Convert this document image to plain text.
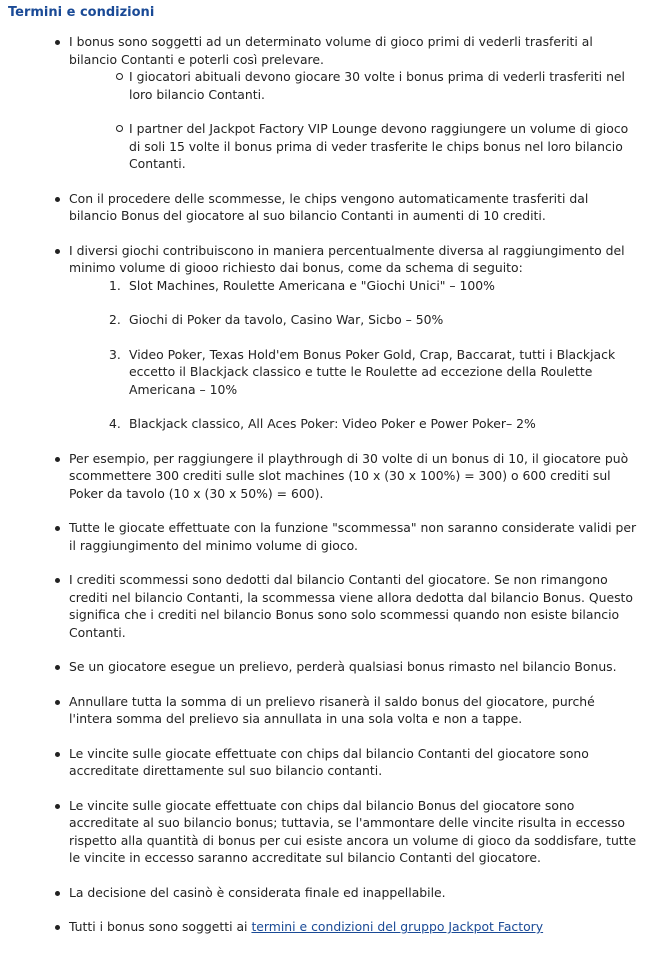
Termini e condizioni
I bonus sono soggetti ad un determinato volume di gioco primi di vederli trasferiti al bilancio Contanti e poterli così prelevare.
I giocatori abituali devono giocare 30 volte i bonus prima di vederli trasferiti nel loro bilancio Contanti.
I partner del Jackpot Factory VIP Lounge devono raggiungere un volume di gioco di soli 15 volte il bonus prima di veder trasferite le chips bonus nel loro bilancio Contanti.
Con il procedere delle scommesse, le chips vengono automaticamente trasferiti dal bilancio Bonus del giocatore al suo bilancio Contanti in aumenti di 10 crediti.
I diversi giochi contribuiscono in maniera percentualmente diversa al raggiungimento del minimo volume di giooo richiesto dai bonus, come da schema di seguito:
1. Slot Machines, Roulette Americana e "Giochi Unici" – 100%
2. Giochi di Poker da tavolo, Casino War, Sicbo – 50%
3. Video Poker, Texas Hold'em Bonus Poker Gold, Crap, Baccarat, tutti i Blackjack eccetto il Blackjack classico e tutte le Roulette ad eccezione della Roulette Americana – 10%
4. Blackjack classico, All Aces Poker: Video Poker e Power Poker– 2%
Per esempio, per raggiungere il playthrough di 30 volte di un bonus di 10, il giocatore può scommettere 300 crediti sulle slot machines (10 x (30 x 100%) = 300) o 600 crediti sul Poker da tavolo (10 x (30 x 50%) = 600).
Tutte le giocate effettuate con la funzione "scommessa" non saranno considerate validi per il raggiungimento del minimo volume di gioco.
I crediti scommessi sono dedotti dal bilancio Contanti del giocatore. Se non rimangono crediti nel bilancio Contanti, la scommessa viene allora dedotta dal bilancio Bonus. Questo significa che i crediti nel bilancio Bonus sono solo scommessi quando non esiste bilancio Contanti.
Se un giocatore esegue un prelievo, perderà qualsiasi bonus rimasto nel bilancio Bonus.
Annullare tutta la somma di un prelievo risanerà il saldo bonus del giocatore, purché l'intera somma del prelievo sia annullata in una sola volta e non a tappe.
Le vincite sulle giocate effettuate con chips dal bilancio Contanti del giocatore sono accreditate direttamente sul suo bilancio contanti.
Le vincite sulle giocate effettuate con chips dal bilancio Bonus del giocatore sono accreditate al suo bilancio bonus; tuttavia, se l'ammontare delle vincite risulta in eccesso rispetto alla quantità di bonus per cui esiste ancora un volume di gioco da soddisfare, tutte le vincite in eccesso saranno accreditate sul bilancio Contanti del giocatore.
La decisione del casinò è considerata finale ed inappellabile.
Tutti i bonus sono soggetti ai termini e condizioni del gruppo Jackpot Factory
